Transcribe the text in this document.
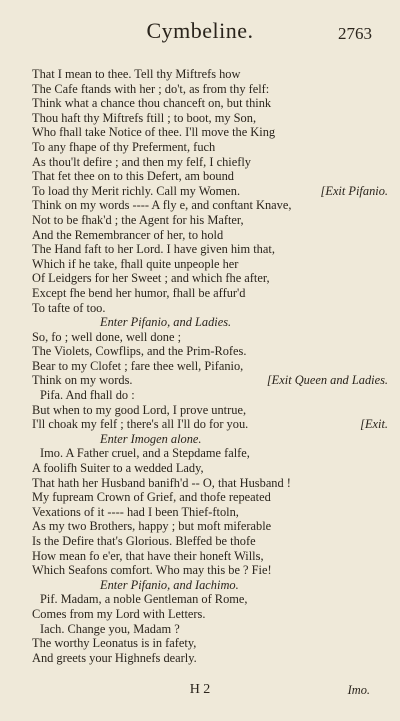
Cymbeline.	2763
That I mean to thee. Tell thy Miftrefs how
The Cafe ftands with her ; do't, as from thy felf:
Think what a chance thou chanceft on, but think
Thou haft thy Miftrefs ftill ; to boot, my Son,
Who fhall take Notice of thee. I'll move the King
To any fhape of thy Preferment, fuch
As thou'lt defire ; and then my felf, I chiefly
That fet thee on to this Defert, am bound
To load thy Merit richly. Call my Women.	[Exit Pifanio.
Think on my words ---- A fly e, and conftant Knave,
Not to be fhak'd ; the Agent for his Mafter,
And the Remembrancer of her, to hold
The Hand faft to her Lord. I have given him that,
Which if he take, fhall quite unpeople her
Of Leidgers for her Sweet ; and which fhe after,
Except fhe bend her humor, fhall be affur'd
To tafte of too.
Enter Pifanio, and Ladies.
So, fo ; well done, well done ;
The Violets, Cowflips, and the Prim-Rofes.
Bear to my Clofet ; fare thee well, Pifanio,
Think on my words.	[Exit Queen and Ladies.
Pifa. And fhall do :
But when to my good Lord, I prove untrue,
I'll choak my felf ; there's all I'll do for you.	[Exit.
Enter Imogen alone.
Imo. A Father cruel, and a Stepdame falfe,
A foolifh Suiter to a wedded Lady,
That hath her Husband banifh'd -- O, that Husband !
My fupream Crown of Grief, and thofe repeated
Vexations of it ---- had I been Thief-ftoln,
As my two Brothers, happy ; but moft miferable
Is the Defire that's Glorious. Bleffed be thofe
How mean fo e'er, that have their honeft Wills,
Which Seafons comfort. Who may this be ? Fie!
Enter Pifanio, and Iachimo.
Pif. Madam, a noble Gentleman of Rome,
Comes from my Lord with Letters.
Iach. Change you, Madam ?
The worthy Leonatus is in fafety,
And greets your Highnefs dearly.
H 2	Imo.
